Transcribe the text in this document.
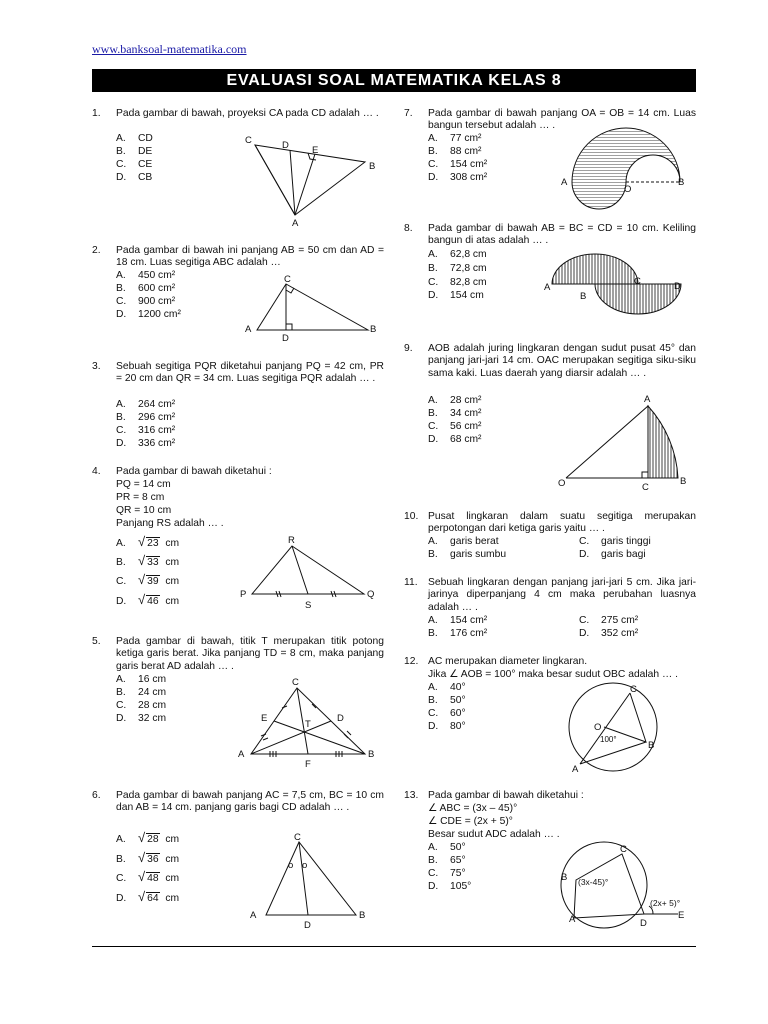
www.banksoal-matematika.com
EVALUASI SOAL MATEMATIKA KELAS 8
1. Pada gambar di bawah, proyeksi CA pada CD adalah … .
A. CD
B. DE
C. CE
D. CB
C	D E
B
A
2. Pada gambar di bawah ini panjang AB = 50 cm dan AD = 18 cm. Luas segitiga ABC adalah …
A. 450 cm²
B. 600 cm²
C. 900 cm²
D. 1200 cm²
C
A	B
D
3. Sebuah segitiga PQR diketahui panjang PQ = 42 cm, PR = 20 cm dan QR = 34 cm. Luas segitiga PQR adalah … .
A. 264 cm²
B. 296 cm²
C. 316 cm²
D. 336 cm²
4. Pada gambar di bawah diketahui :
PQ = 14 cm
PR = 8 cm
QR = 10 cm
Panjang RS adalah … .
A. √ 23 cm
B. √ 33 cm
C. √ 39 cm
D. √ 46 cm
R
P	Q
S
5. Pada gambar di bawah, titik T merupakan titik potong ketiga garis berat. Jika panjang TD = 8 cm, maka panjang garis berat AD adalah … .
A. 16 cm
B. 24 cm
C. 28 cm
D. 32 cm
C
E	D
T
A	B
F
6. Pada gambar di bawah panjang AC = 7,5 cm, BC = 10 cm dan AB = 14 cm. panjang garis bagi CD adalah … .
A. √ 28 cm
B. √ 36 cm
C. √ 48 cm
D. √ 64 cm
C
o o
A	B
D
7. Pada gambar di bawah panjang OA = OB = 14 cm. Luas bangun tersebut adalah … .
A. 77 cm²
B. 88 cm²
C. 154 cm²
D. 308 cm²	A
O
B
8. Pada gambar di bawah AB = BC = CD = 10 cm. Keliling bangun di atas adalah … .
A. 62,8 cm
B. 72,8 cm
C. 82,8 cm
D. 154 cm
A
B
C	D
9. AOB adalah juring lingkaran dengan sudut pusat 45° dan panjang jari-jari 14 cm. OAC merupakan segitiga siku-siku sama kaki. Luas daerah yang diarsir adalah … .
A. 28 cm²
B. 34 cm²
C. 56 cm²
D. 68 cm²
A
O	C
B
10. Pusat lingkaran dalam suatu segitiga merupakan perpotongan dari ketiga garis yaitu … .
A. garis berat
B. garis sumbu
C. garis tinggi
D. garis bagi
11. Sebuah lingkaran dengan panjang jari-jari 5 cm. Jika jari-jarinya diperpanjang 4 cm maka perubahan luasnya adalah … .
A. 154 cm²
B. 176 cm²
C. 275 cm²
D. 352 cm²
12. AC merupakan diameter lingkaran.
Jika ∠ AOB = 100° maka besar sudut OBC adalah … .
A. 40°
B. 50°
C. 60°
D. 80°
C
O
100°
B
A
13. Pada gambar di bawah diketahui :
∠ ABC = (3x – 45)°
∠ CDE = (2x + 5)°
Besar sudut ADC adalah … .
A. 50°
B. 65°
C. 75°
D. 105°
C
B (3x-45)°
(2x+ 5)°
A	D
E
